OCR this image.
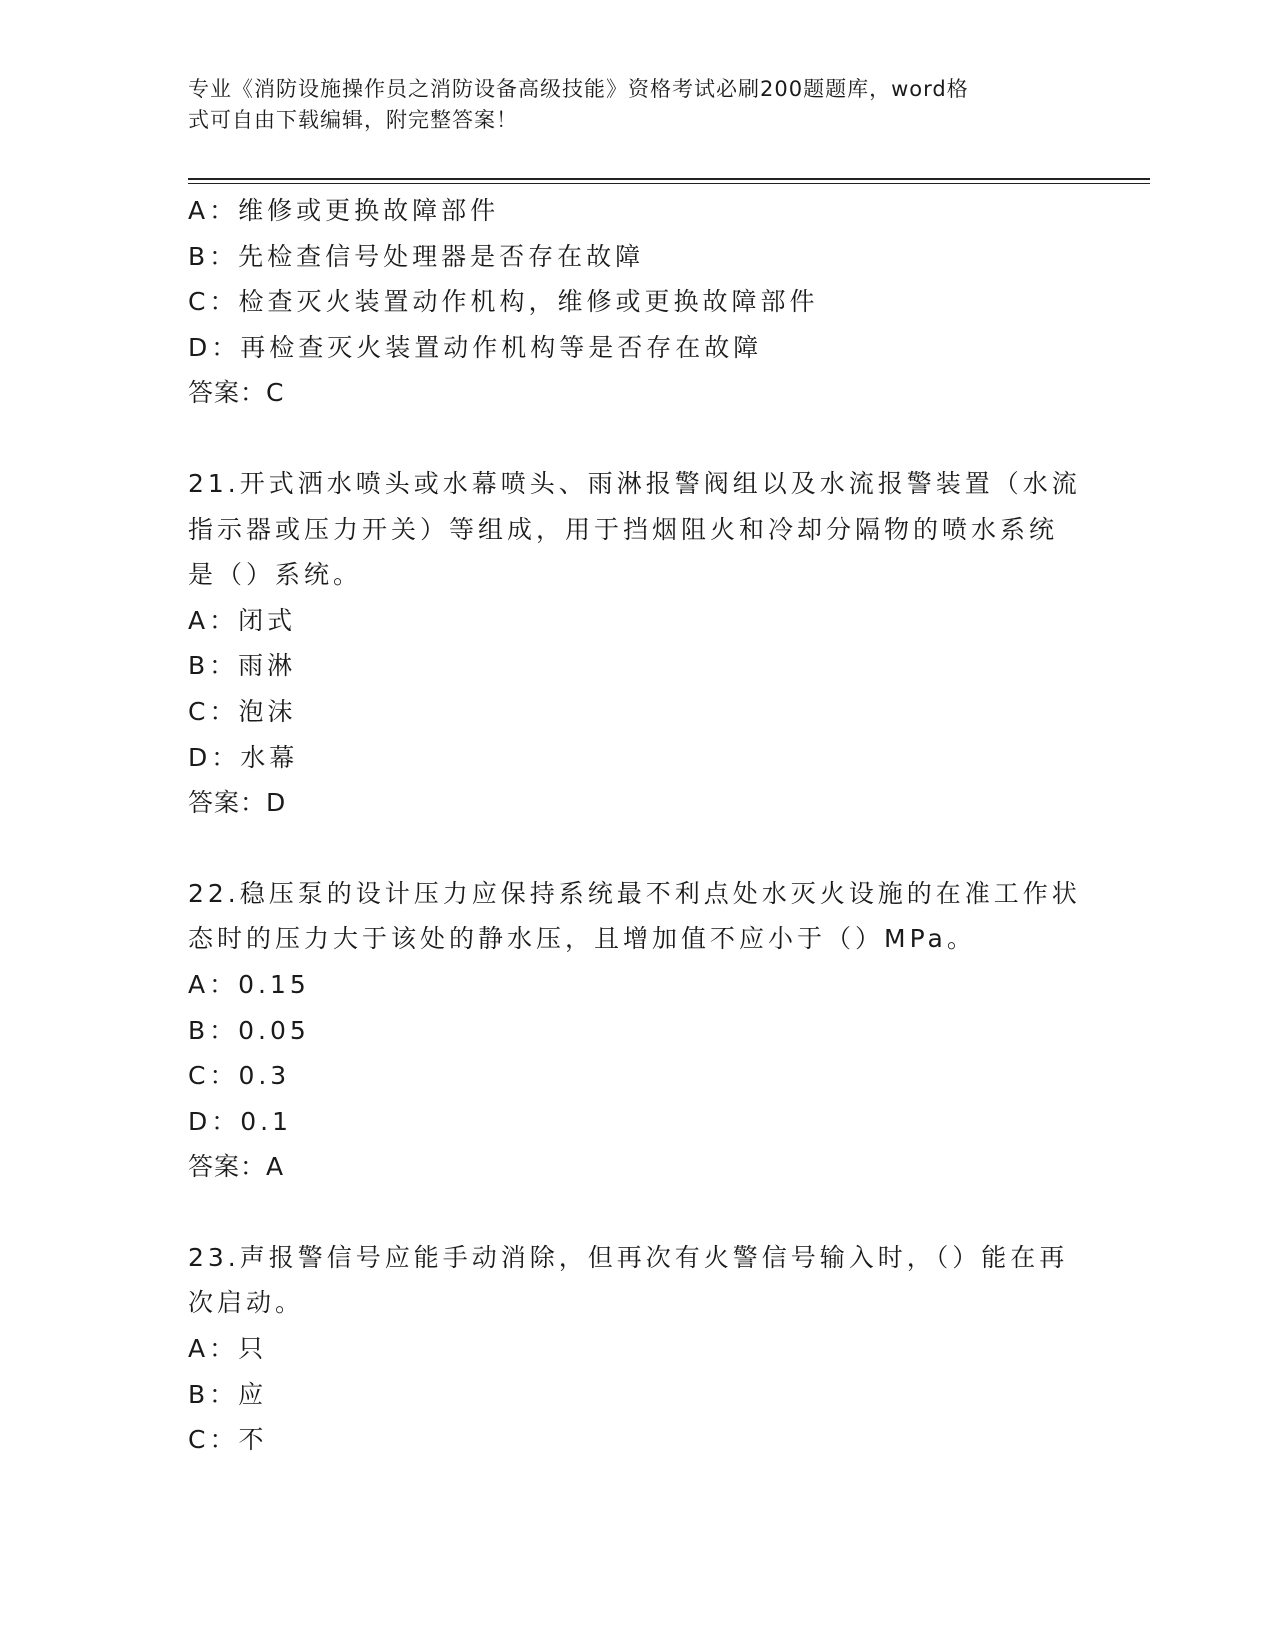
专业《消防设施操作员之消防设备高级技能》资格考试必刷200题题库，word格
式可自由下载编辑，附完整答案！
A：维修或更换故障部件
B：先检查信号处理器是否存在故障
C：检查灭火装置动作机构，维修或更换故障部件
D：再检查灭火装置动作机构等是否存在故障
答案：C
21.开式洒水喷头或水幕喷头、雨淋报警阀组以及水流报警装置（水流
指示器或压力开关）等组成，用于挡烟阻火和冷却分隔物的喷水系统
是（）系统。
A：闭式
B：雨淋
C：泡沫
D：水幕
答案：D
22.稳压泵的设计压力应保持系统最不利点处水灭火设施的在准工作状
态时的压力大于该处的静水压，且增加值不应小于（）MPa。
A：0.15
B：0.05
C：0.3
D：0.1
答案：A
23.声报警信号应能手动消除，但再次有火警信号输入时，（）能在再
次启动。
A：只
B：应
C：不
